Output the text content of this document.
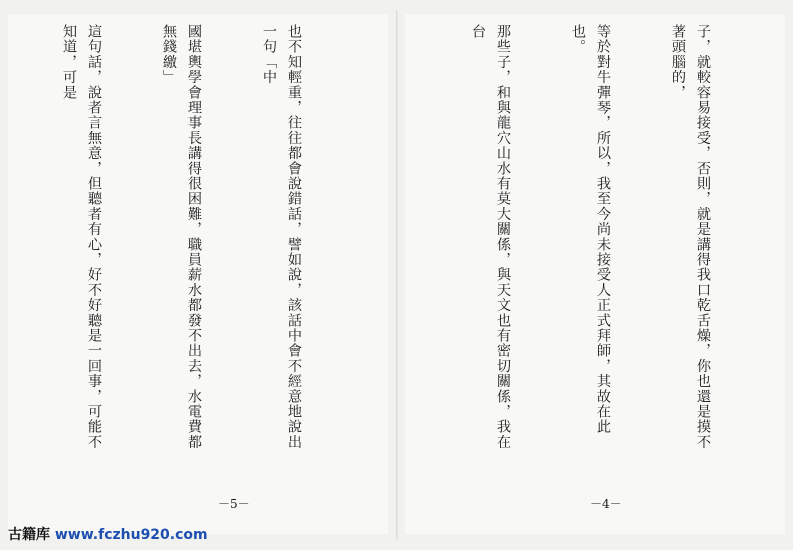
也不知輕重，往往都會說錯話，譬如說，該話中會不經意地說出一句「中

國堪輿學會理事長講得很困難，職員薪水都發不出去，水電費都無錢繳」

這句話，說者言無意，但聽者有心，好不好聽是一回事，可能不知道，可是

－5－

子，就較容易接受，否則，就是講得我口乾舌燥，你也還是摸不著頭腦的，

等於對牛彈琴，所以，我至今尚未接受人正式拜師，其故在此也。

那些子，和與龍穴山水有莫大關係，與天文也有密切關係，我在台

－4－
古籍库 www.fczhu920.com
